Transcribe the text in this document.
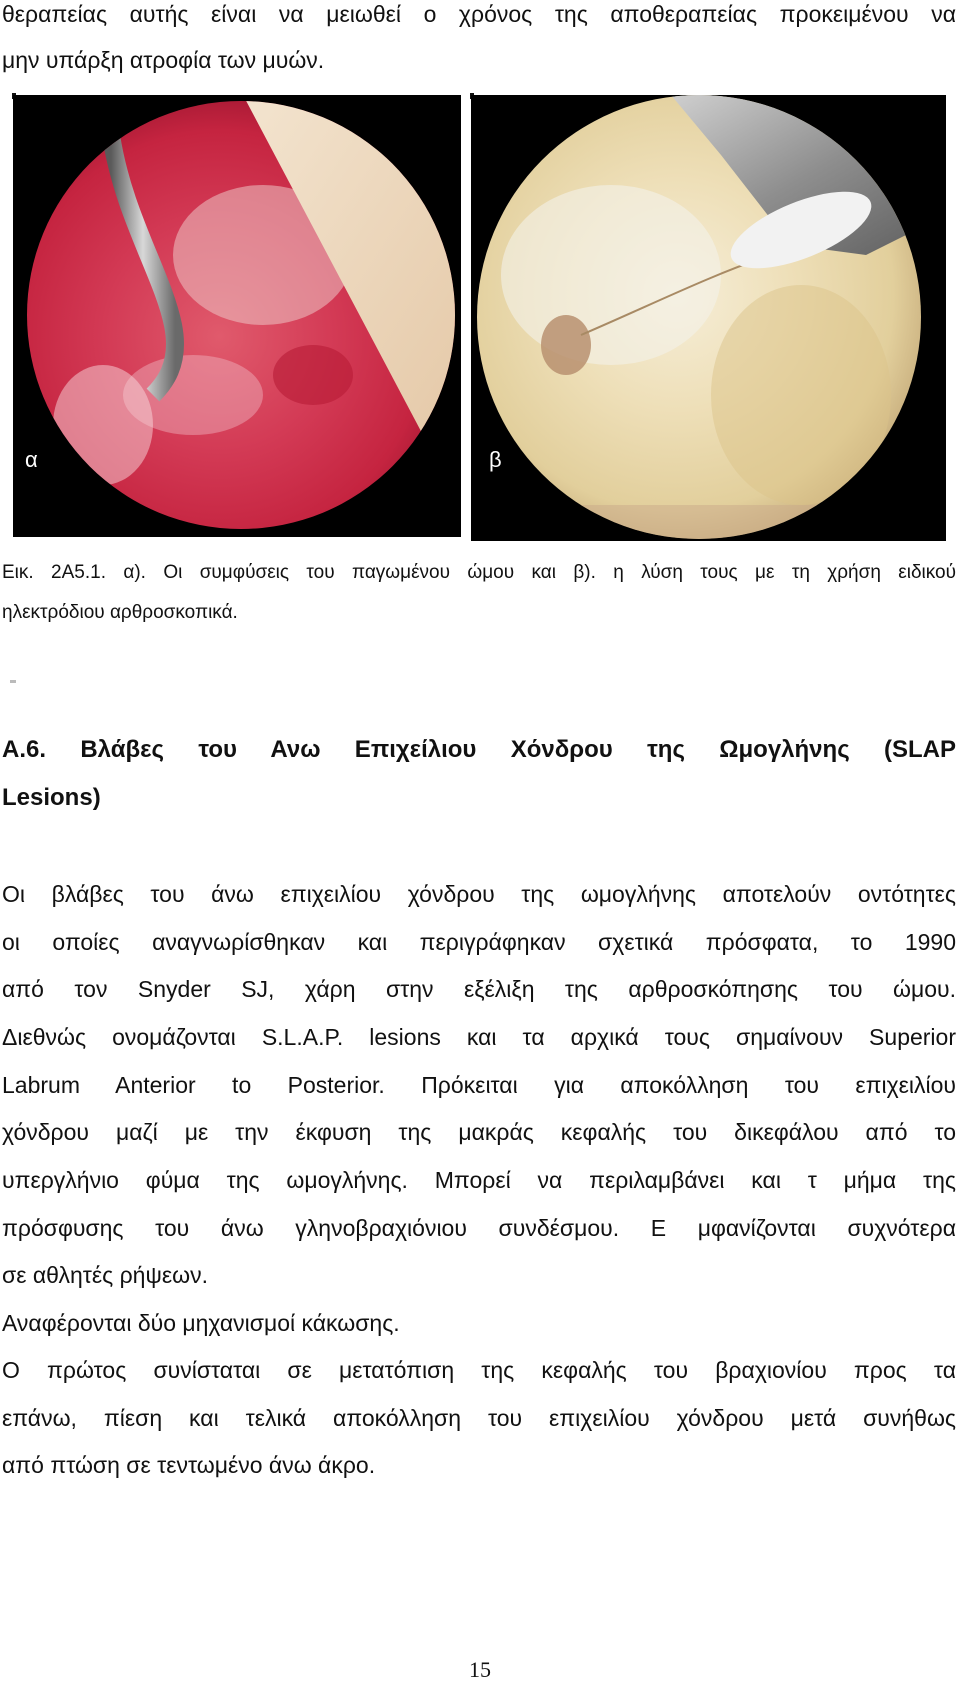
θεραπείας αυτής είναι να μειωθεί ο χρόνος της αποθεραπείας προκειμένου να
μην υπάρξη ατροφία των μυών.
α	β
Εικ. 2Α5.1. α). Οι συμφύσεις του παγωμένου ώμου και β). η λύση τους με τη χρήση ειδικού
ηλεκτρόδιου αρθροσκοπικά.
Α.6. Βλάβες του Ανω Επιχείλιου Χόνδρου της Ωμογλήνης (SLAP
Lesions)
Οι βλάβες του άνω επιχειλίου χόνδρου της ωμογλήνης αποτελούν οντότητες
οι οποίες αναγνωρίσθηκαν και περιγράφηκαν σχετικά πρόσφατα, το 1990
από τον Snyder SJ, χάρη στην εξέλιξη της αρθροσκόπησης του ώμου.
Διεθνώς ονομάζονται S.L.A.P. lesions και τα αρχικά τους σημαίνουν Superior
Labrum Anterior to Posterior. Πρόκειται για αποκόλληση του επιχειλίου
χόνδρου μαζί με την έκφυση της μακράς κεφαλής του δικεφάλου από το
υπεργλήνιο φύμα της ωμογλήνης. Μπορεί να περιλαμβάνει και τ μήμα της
πρόσφυσης του άνω γληνοβραχιόνιου συνδέσμου. Ε μφανίζονται συχνότερα
σε αθλητές ρήψεων.
Αναφέρονται δύο μηχανισμοί κάκωσης.
Ο πρώτος συνίσταται σε μετατόπιση της κεφαλής του βραχιονίου προς τα
επάνω, πίεση και τελικά αποκόλληση του επιχειλίου χόνδρου μετά συνήθως
από πτώση σε τεντωμένο άνω άκρο.
15
